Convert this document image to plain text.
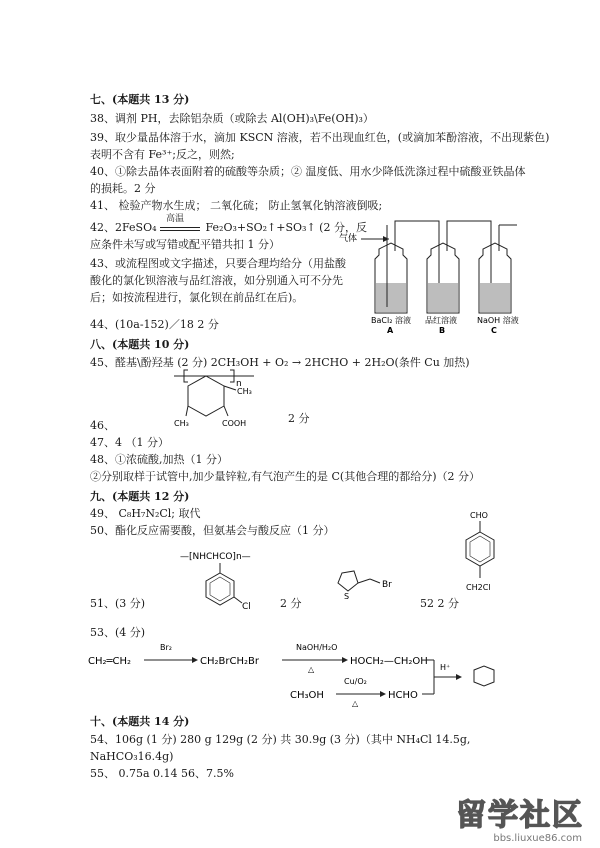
七、(本题共 13 分)
38、调剂 PH，去除铝杂质（或除去 Al(OH)₃\Fe(OH)₃）
39、取少量晶体溶于水，滴加 KSCN 溶液，若不出现血红色，(或滴加苯酚溶液，不出现紫色)
表明不含有 Fe³⁺;反之，则然;
40、①除去晶体表面附着的硫酸等杂质；② 温度低、用水少降低洗涤过程中硫酸亚铁晶体
的损耗。2 分
41、 检验产物水生成； 二氧化硫； 防止氢氧化钠溶液倒吸;
42、2FeSO₄
高温
Fe₂O₃+SO₂↑+SO₃↑ (2 分，反
应条件未写或写错或配平错共扣 1 分）
43、或流程图或文字描述，只要合理均给分（用盐酸酸化的氯化钡溶液与品红溶液，如分别通入可不分先后；如按流程进行，氯化钡在前品红在后)。
44、(10a-152)／18 2 分
气体
BaCl₂ 溶液 品红溶液	NaOH 溶液
A	B	C
八、(本题共 10 分)
45、醛基\酚羟基 (2 分) 2CH₃OH + O₂ → 2HCHO + 2H₂O(条件 Cu 加热)
n
CH₃
CH₃	COOH
46、
2 分
47、4 （1 分）
48、①浓硫酸,加热（1 分）
②分别取样于试管中,加少量锌粒,有气泡产生的是 C(其他合理的都给分)（2 分）
九、(本题共 12 分)
49、 C₈H₇N₂Cl; 取代
50、酯化反应需要酸，但氨基会与酸反应（1 分）
—[NHCHCO]n—
Cl
51、(3 分)	2 分
S
Br
52 2 分
CHO
CH2Cl
53、(4 分)
CH₂═CH₂
Br₂
CH₂BrCH₂Br
NaOH/H₂O
△
HOCH₂—CH₂OH
H⁺
CH₃OH
Cu/O₂
△
HCHO
十、(本题共 14 分)
54、106g (1 分) 280 g 129g (2 分) 共 30.9g (3 分)（其中 NH₄Cl 14.5g,
NaHCO₃16.4g)
55、 0.75a 0.14 56、7.5%
留学社区
bbs.liuxue86.com
